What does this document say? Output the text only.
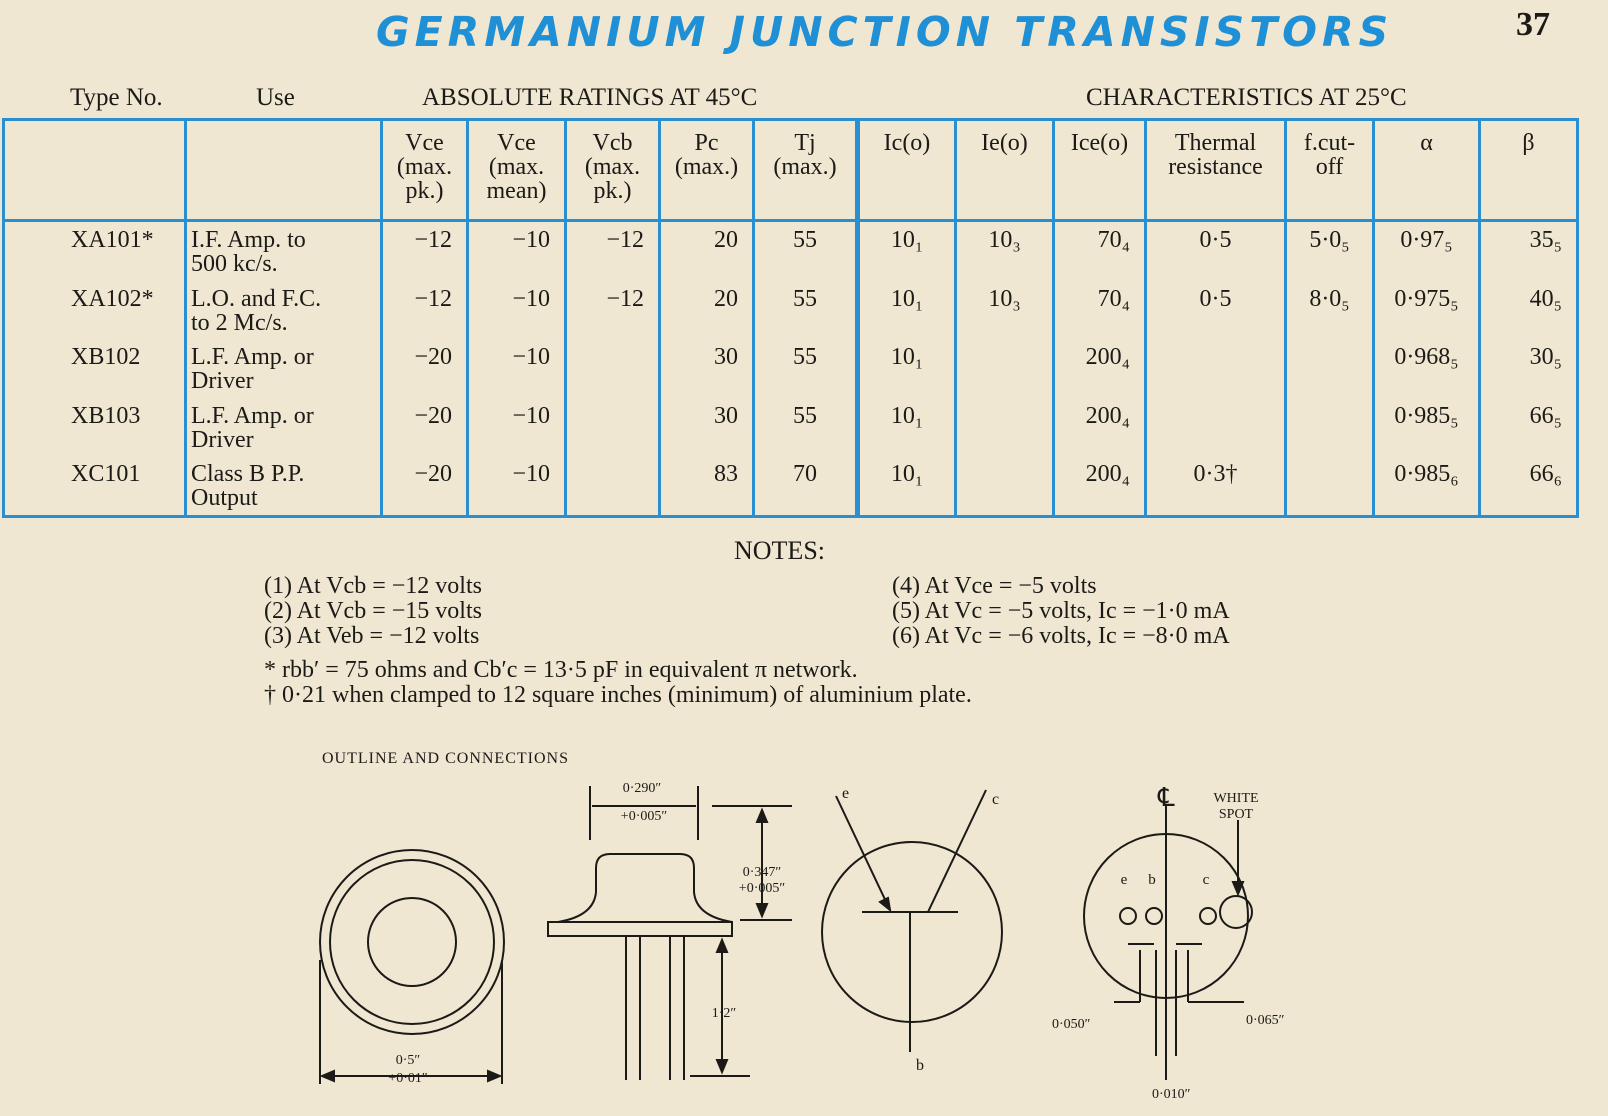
GERMANIUM JUNCTION TRANSISTORS	37
Type No.	Use	ABSOLUTE RATINGS AT 45°C	CHARACTERISTICS AT 25°C
		Vce
(max.
pk.)	Vce
(max.
mean)	Vcb
(max.
pk.)	Pc
(max.)	Tj
(max.)	Ic(o)	Ie(o)	Ice(o)	Thermal
resistance	f.cut-
off	α	β
XA101*	I.F. Amp. to
500 kc/s.	−12	−10	−12	20	55	10₁	10₃	70₄	0·5	5·0₅	0·97₅	35₅
XA102*	L.O. and F.C.
to 2 Mc/s.	−12	−10	−12	20	55	10₁	10₃	70₄	0·5	8·0₅	0·975₅	40₅
XB102	L.F. Amp. or
Driver	−20	−10		30	55	10₁		200₄			0·968₅	30₅
XB103	L.F. Amp. or
Driver	−20	−10		30	55	10₁		200₄			0·985₅	66₅
XC101	Class B P.P.
Output	−20	−10		83	70	10₁		200₄	0·3†		0·985₆	66₆
NOTES:
(1) At Vcb = −12 volts
(2) At Vcb = −15 volts
(3) At Veb = −12 volts
(4) At Vce = −5 volts
(5) At Vc = −5 volts, Ic = −1·0 mA
(6) At Vc = −6 volts, Ic = −8·0 mA
* rbb′ = 75 ohms and Cb′c = 13·5 pF in equivalent π network.
† 0·21 when clamped to 12 square inches (minimum) of aluminium plate.
OUTLINE AND CONNECTIONS
0·5″
+0·01″
0·290″
+0·005″
0·347″
+0·005″
1·2″
e	c
b
℄	WHITE
SPOT
e b	c
0·050″	0·065″
0·010″
